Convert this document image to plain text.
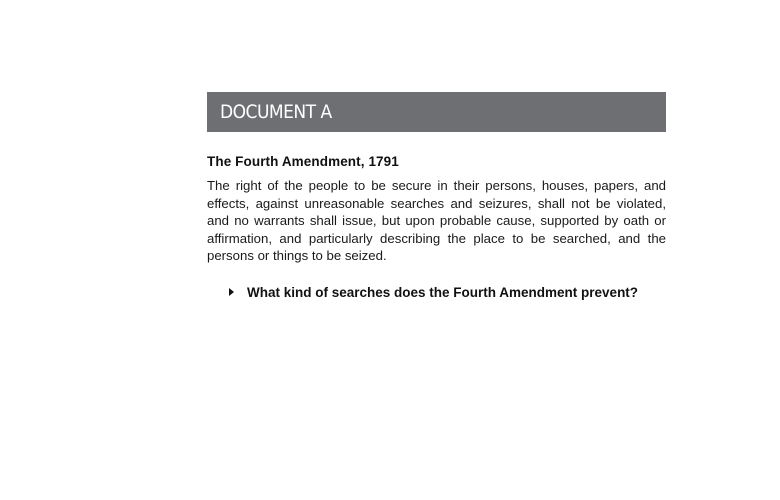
DOCUMENT A
The Fourth Amendment, 1791
The right of the people to be secure in their persons, houses, papers, and effects, against unreasonable searches and seizures, shall not be violated, and no warrants shall issue, but upon probable cause, supported by oath or affirmation, and particularly describing the place to be searched, and the persons or things to be seized.
What kind of searches does the Fourth Amendment prevent?
